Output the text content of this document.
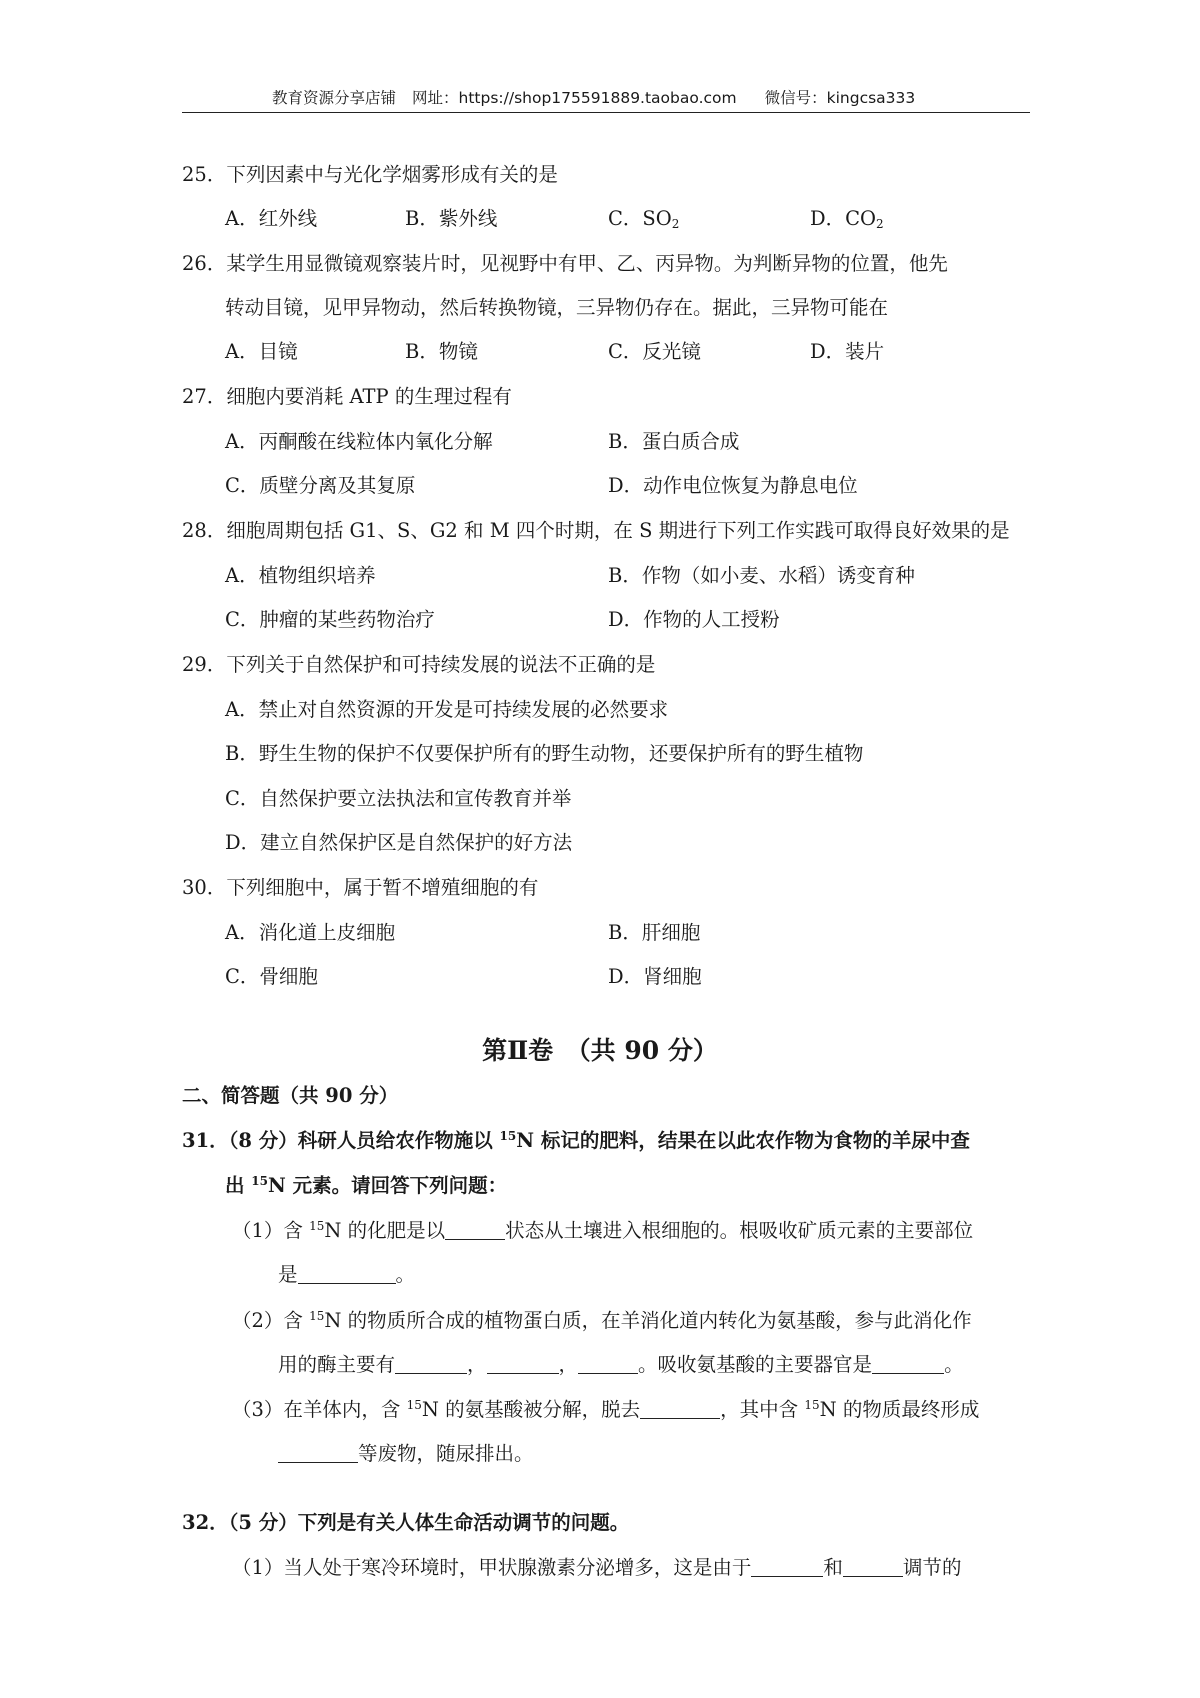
教育资源分享店铺 网址：https://shop175591889.taobao.com 微信号：kingcsa333
25．下列因素中与光化学烟雾形成有关的是
A．红外线	B．紫外线	C．$SO_2$	D．$CO_2$
26．某学生用显微镜观察装片时，见视野中有甲、乙、丙异物。为判断异物的位置，他先
转动目镜，见甲异物动，然后转换物镜，三异物仍存在。据此，三异物可能在
A．目镜	B．物镜	C．反光镜	D．装片
27．细胞内要消耗 ATP 的生理过程有
A．丙酮酸在线粒体内氧化分解	B．蛋白质合成
C．质壁分离及其复原	D．动作电位恢复为静息电位
28．细胞周期包括 G1、S、G2 和 M 四个时期，在 S 期进行下列工作实践可取得良好效果的是
A．植物组织培养	B．作物（如小麦、水稻）诱变育种
C．肿瘤的某些药物治疗	D．作物的人工授粉
29．下列关于自然保护和可持续发展的说法不正确的是
A．禁止对自然资源的开发是可持续发展的必然要求
B．野生生物的保护不仅要保护所有的野生动物，还要保护所有的野生植物
C．自然保护要立法执法和宣传教育并举
D．建立自然保护区是自然保护的好方法
30．下列细胞中，属于暂不增殖细胞的有
A．消化道上皮细胞	B．肝细胞
C．骨细胞	D．肾细胞
第Ⅱ卷　（共 90 分）
二、简答题（共 90 分）
31．（8 分）科研人员给农作物施以 $^{15}$N 标记的肥料，结果在以此农作物为食物的羊尿中查
出 $^{15}$N 元素。请回答下列问题：
（1）含 $^{15}$N 的化肥是以	状态从土壤进入根细胞的。根吸收矿质元素的主要部位
是	。
（2）含 $^{15}$N 的物质所合成的植物蛋白质，在羊消化道内转化为氨基酸，参与此消化作
用的酶主要有	，	，	。吸收氨基酸的主要器官是	。
（3）在羊体内，含 $^{15}$N 的氨基酸被分解，脱去	，其中含 $^{15}$N 的物质最终形成
等废物，随尿排出。
32．（5 分）下列是有关人体生命活动调节的问题。
（1）当人处于寒冷环境时，甲状腺激素分泌增多，这是由于	和	调节的
